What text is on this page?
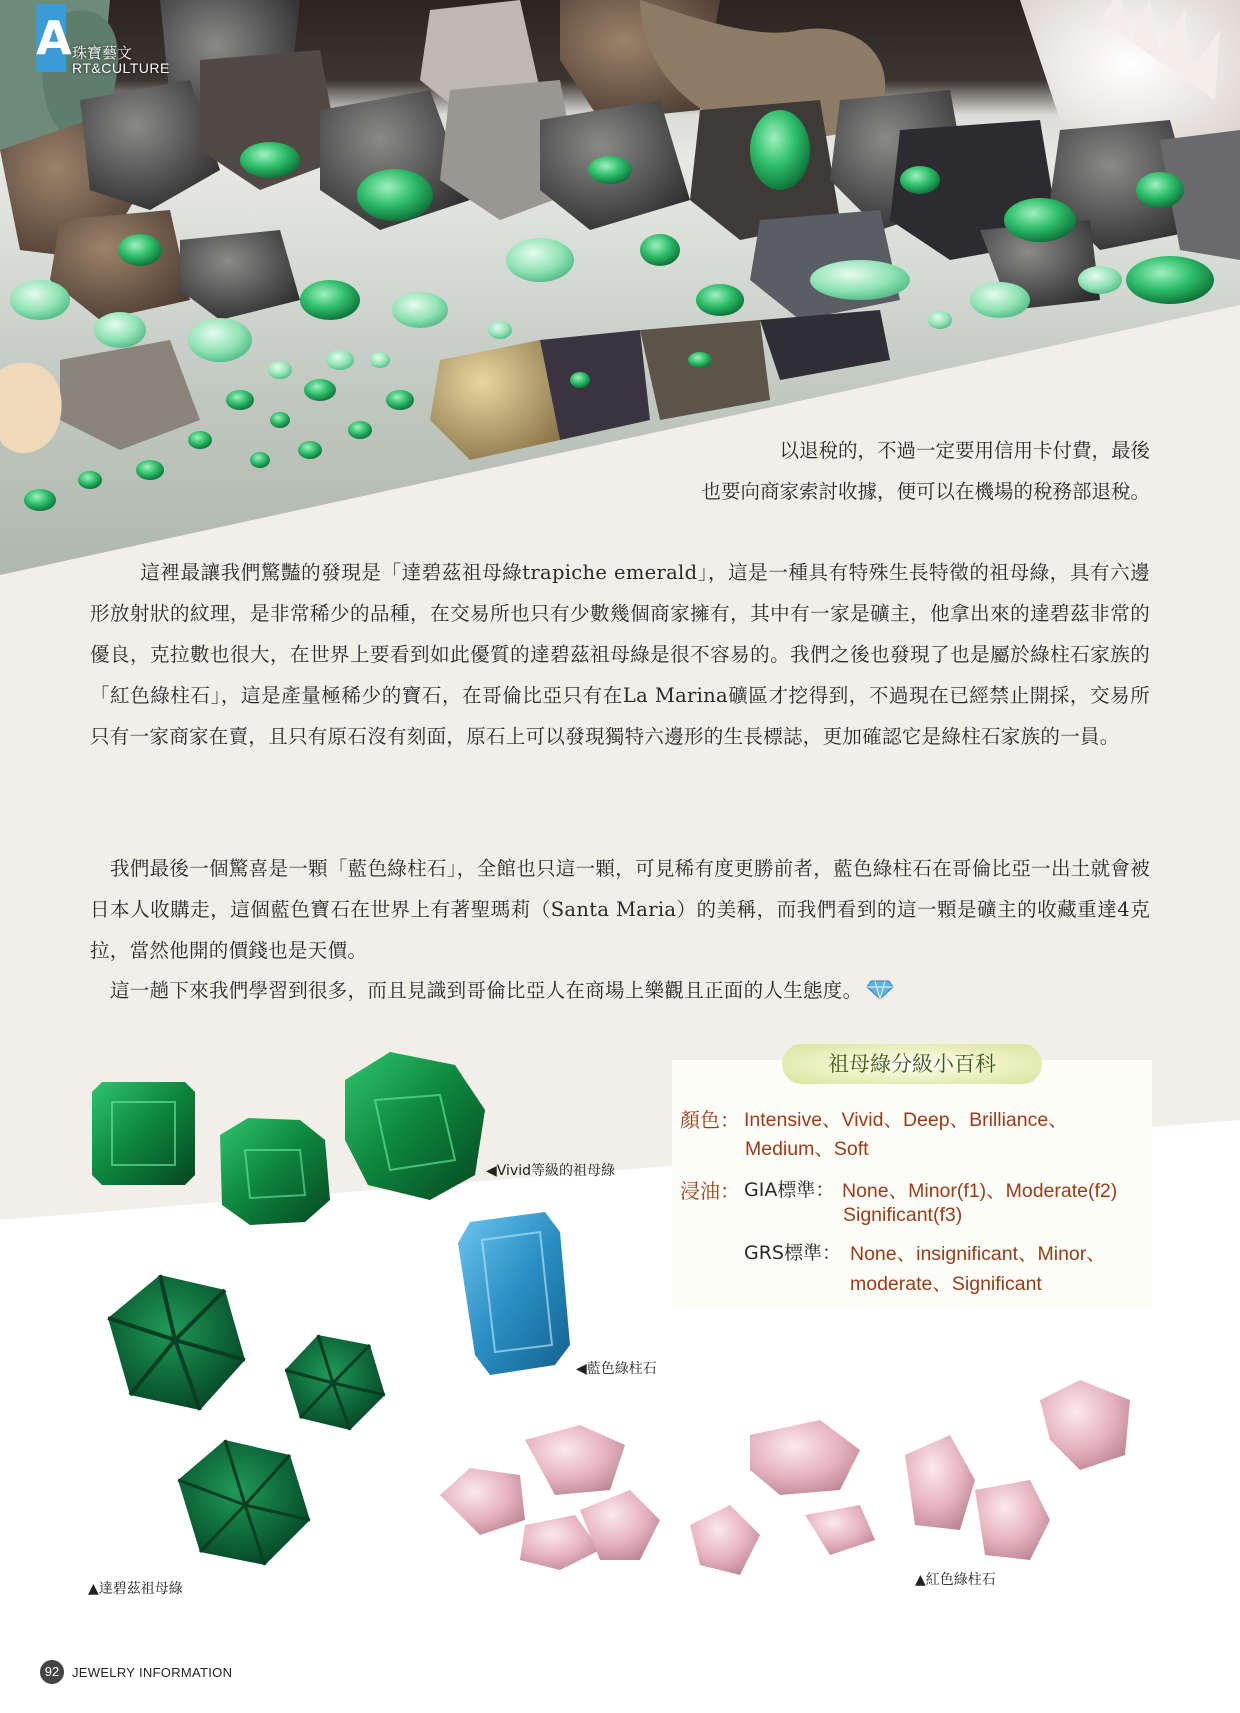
A 珠寶藝文
RT&CULTURE
以退稅的，不過一定要用信用卡付費，最後
也要向商家索討收據，便可以在機場的稅務部退稅。
這裡最讓我們驚豔的發現是「達碧茲祖母綠trapiche emerald」，這是一種具有特殊生長特徵的祖母綠，具有六邊形放射狀的紋理，是非常稀少的品種，在交易所也只有少數幾個商家擁有，其中有一家是礦主，他拿出來的達碧茲非常的優良，克拉數也很大，在世界上要看到如此優質的達碧茲祖母綠是很不容易的。我們之後也發現了也是屬於綠柱石家族的「紅色綠柱石」，這是產量極稀少的寶石，在哥倫比亞只有在La Marina礦區才挖得到，不過現在已經禁止開採，交易所只有一家商家在賣，且只有原石沒有刻面，原石上可以發現獨特六邊形的生長標誌，更加確認它是綠柱石家族的一員。
我們最後一個驚喜是一顆「藍色綠柱石」，全館也只這一顆，可見稀有度更勝前者，藍色綠柱石在哥倫比亞一出土就會被日本人收購走，這個藍色寶石在世界上有著聖瑪莉（Santa Maria）的美稱，而我們看到的這一顆是礦主的收藏重達4克拉，當然他開的價錢也是天價。
這一趟下來我們學習到很多，而且見識到哥倫比亞人在商場上樂觀且正面的人生態度。
◀Vivid等級的祖母綠
◀藍色綠柱石
▲達碧茲祖母綠
▲紅色綠柱石
祖母綠分級小百科
顏色： Intensive、Vivid、Deep、Brilliance、
Medium、Soft
浸油： GIA標準： None、Minor(f1)、Moderate(f2)
Significant(f3)
GRS標準： None、insignificant、Minor、
moderate、Significant
92 JEWELRY INFORMATION
